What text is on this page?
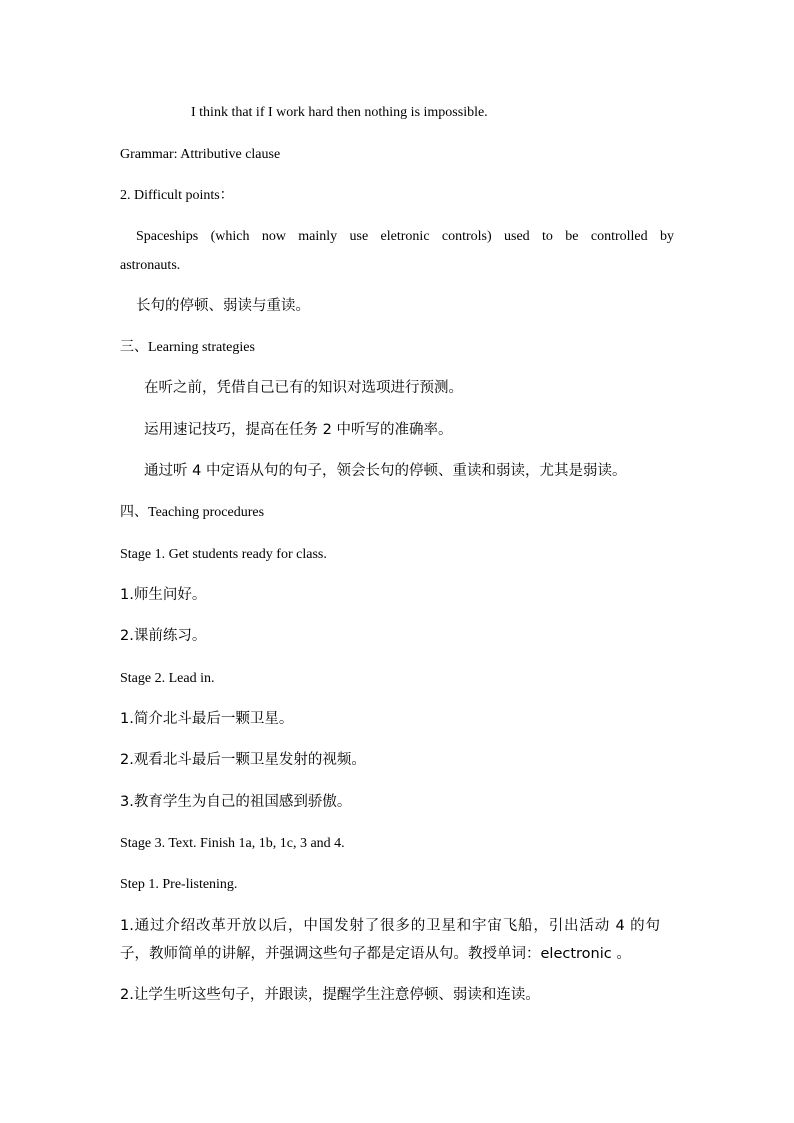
I think that if I work hard then nothing is impossible.
Grammar: Attributive clause
2. Difficult points：
Spaceships (which now mainly use eletronic controls) used to be controlled by
astronauts.
长句的停顿、弱读与重读。
三、Learning strategies
在听之前，凭借自己已有的知识对选项进行预测。
运用速记技巧，提高在任务 2 中听写的准确率。
通过听 4 中定语从句的句子，领会长句的停顿、重读和弱读，尤其是弱读。
四、Teaching procedures
Stage 1. Get students ready for class.
1.师生问好。
2.课前练习。
Stage 2. Lead in.
1.简介北斗最后一颗卫星。
2.观看北斗最后一颗卫星发射的视频。
3.教育学生为自己的祖国感到骄傲。
Stage 3. Text. Finish 1a, 1b, 1c, 3 and 4.
Step 1. Pre-listening.
1.通过介绍改革开放以后，中国发射了很多的卫星和宇宙飞船，引出活动 4 的句
子，教师简单的讲解，并强调这些句子都是定语从句。教授单词：electronic 。
2.让学生听这些句子，并跟读，提醒学生注意停顿、弱读和连读。
